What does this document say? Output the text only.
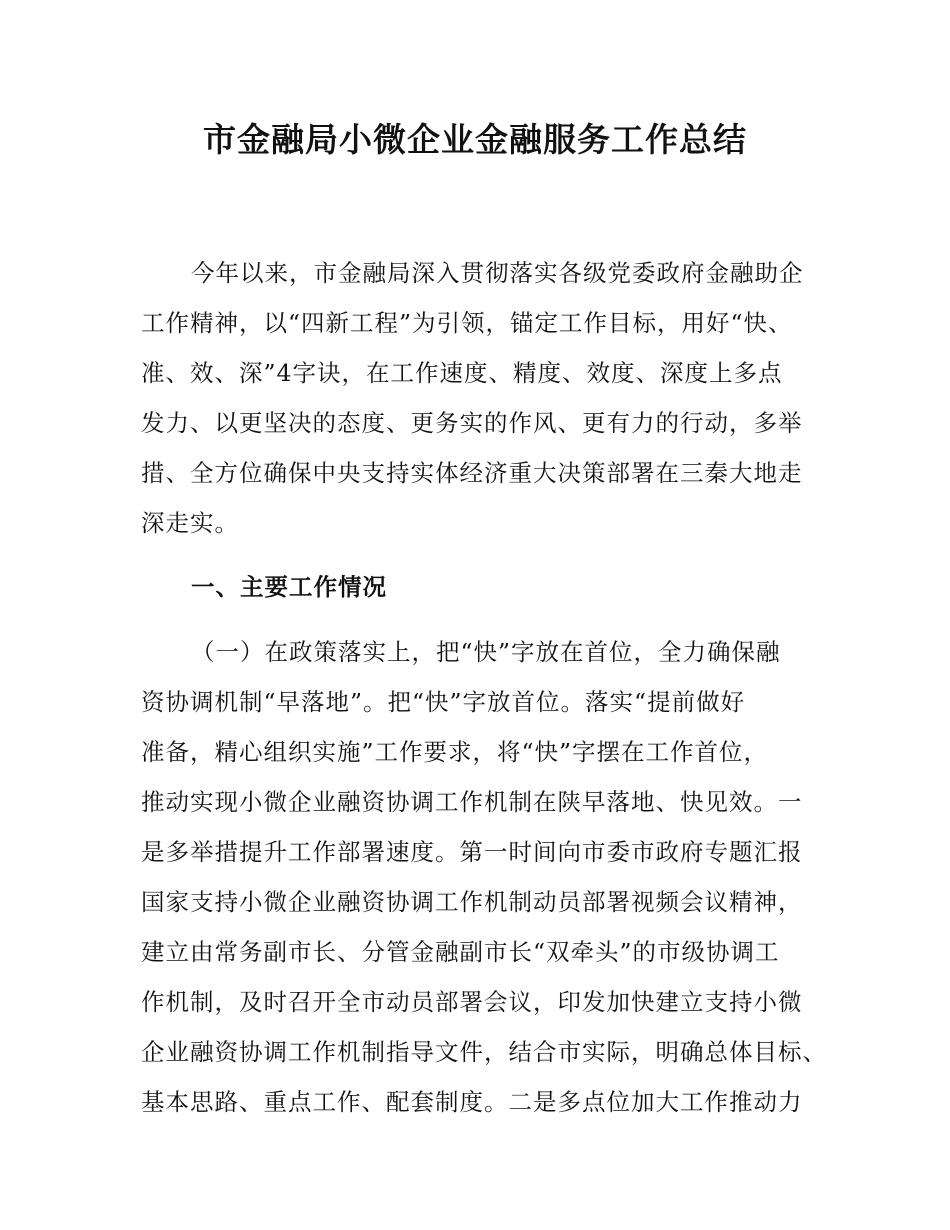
市金融局小微企业金融服务工作总结
今年以来，市金融局深入贯彻落实各级党委政府金融助企
工作精神，以“四新工程”为引领，锚定工作目标，用好“快、
准、效、深”4字诀，在工作速度、精度、效度、深度上多点
发力、以更坚决的态度、更务实的作风、更有力的行动，多举
措、全方位确保中央支持实体经济重大决策部署在三秦大地走
深走实。
一、主要工作情况
（一）在政策落实上，把“快”字放在首位，全力确保融
资协调机制“早落地”。把“快”字放首位。落实“提前做好
准备，精心组织实施”工作要求，将“快”字摆在工作首位，
推动实现小微企业融资协调工作机制在陕早落地、快见效。一
是多举措提升工作部署速度。第一时间向市委市政府专题汇报
国家支持小微企业融资协调工作机制动员部署视频会议精神，
建立由常务副市长、分管金融副市长“双牵头”的市级协调工
作机制，及时召开全市动员部署会议，印发加快建立支持小微
企业融资协调工作机制指导文件，结合市实际，明确总体目标、
基本思路、重点工作、配套制度。二是多点位加大工作推动力
